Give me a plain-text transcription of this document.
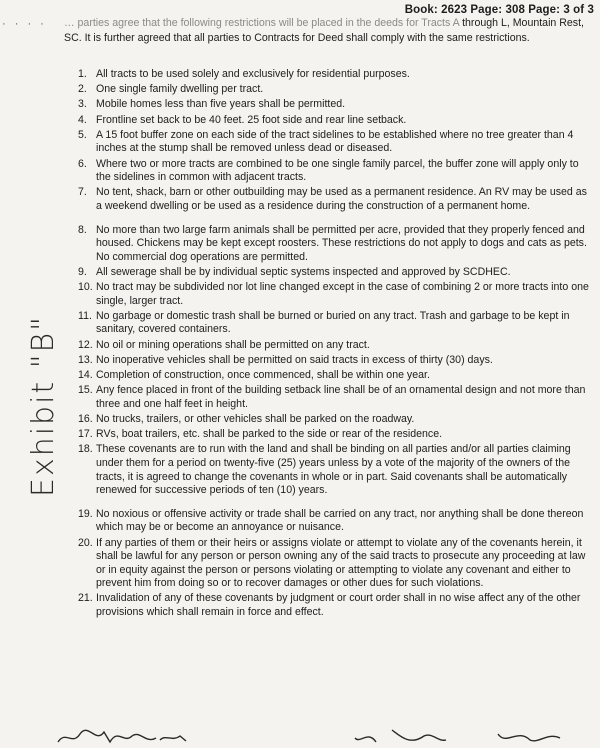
Book: 2623 Page: 308 Page: 3 of 3
· · · · … parties agree that the following restrictions will be placed in the deeds for Tracts A through L, Mountain Rest, SC. It is further agreed that all parties to Contracts for Deed shall comply with the same restrictions.
Exhibit "B"
1. All tracts to be used solely and exclusively for residential purposes.
2. One single family dwelling per tract.
3. Mobile homes less than five years shall be permitted.
4. Frontline set back to be 40 feet. 25 foot side and rear line setback.
5. A 15 foot buffer zone on each side of the tract sidelines to be established where no tree greater than 4 inches at the stump shall be removed unless dead or diseased.
6. Where two or more tracts are combined to be one single family parcel, the buffer zone will apply only to the sidelines in common with adjacent tracts.
7. No tent, shack, barn or other outbuilding may be used as a permanent residence. An RV may be used as a weekend dwelling or be used as a residence during the construction of a permanent home.
8. No more than two large farm animals shall be permitted per acre, provided that they properly fenced and housed. Chickens may be kept except roosters. These restrictions do not apply to dogs and cats as pets. No commercial dog operations are permitted.
9. All sewerage shall be by individual septic systems inspected and approved by SCDHEC.
10. No tract may be subdivided nor lot line changed except in the case of combining 2 or more tracts into one single, larger tract.
11. No garbage or domestic trash shall be burned or buried on any tract. Trash and garbage to be kept in sanitary, covered containers.
12. No oil or mining operations shall be permitted on any tract.
13. No inoperative vehicles shall be permitted on said tracts in excess of thirty (30) days.
14. Completion of construction, once commenced, shall be within one year.
15. Any fence placed in front of the building setback line shall be of an ornamental design and not more than three and one half feet in height.
16. No trucks, trailers, or other vehicles shall be parked on the roadway.
17. RVs, boat trailers, etc. shall be parked to the side or rear of the residence.
18. These covenants are to run with the land and shall be binding on all parties and/or all parties claiming under them for a period on twenty-five (25) years unless by a vote of the majority of the owners of the tracts, it is agreed to change the covenants in whole or in part. Said covenants shall be automatically renewed for successive periods of ten (10) years.
19. No noxious or offensive activity or trade shall be carried on any tract, nor anything shall be done thereon which may be or become an annoyance or nuisance.
20. If any parties of them or their heirs or assigns violate or attempt to violate any of the covenants herein, it shall be lawful for any person or person owning any of the said tracts to prosecute any proceeding at law or in equity against the person or persons violating or attempting to violate any covenant and either to prevent him from doing so or to recover damages or other dues for such violations.
21. Invalidation of any of these covenants by judgment or court order shall in no wise affect any of the other provisions which shall remain in force and effect.
